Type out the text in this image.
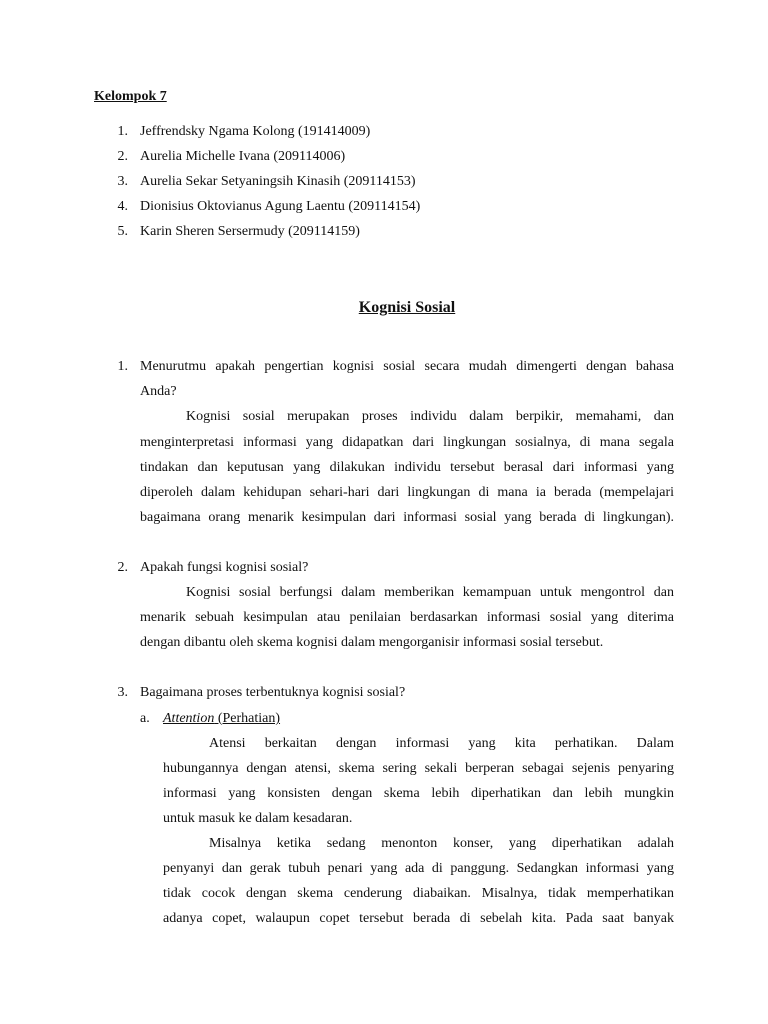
Kelompok 7
1. Jeffrendsky Ngama Kolong (191414009)
2. Aurelia Michelle Ivana (209114006)
3. Aurelia Sekar Setyaningsih Kinasih (209114153)
4. Dionisius Oktovianus Agung Laentu (209114154)
5. Karin Sheren Sersermudy (209114159)
Kognisi Sosial
1. Menurutmu apakah pengertian kognisi sosial secara mudah dimengerti dengan bahasa
Anda?
Kognisi sosial merupakan proses individu dalam berpikir, memahami, dan
menginterpretasi informasi yang didapatkan dari lingkungan sosialnya, di mana segala
tindakan dan keputusan yang dilakukan individu tersebut berasal dari informasi yang
diperoleh dalam kehidupan sehari-hari dari lingkungan di mana ia berada (mempelajari
bagaimana orang menarik kesimpulan dari informasi sosial yang berada di lingkungan).
2. Apakah fungsi kognisi sosial?
Kognisi sosial berfungsi dalam memberikan kemampuan untuk mengontrol dan
menarik sebuah kesimpulan atau penilaian berdasarkan informasi sosial yang diterima
dengan dibantu oleh skema kognisi dalam mengorganisir informasi sosial tersebut.
3. Bagaimana proses terbentuknya kognisi sosial?
a. Attention (Perhatian)
Atensi berkaitan dengan informasi yang kita perhatikan. Dalam
hubungannya dengan atensi, skema sering sekali berperan sebagai sejenis penyaring
informasi yang konsisten dengan skema lebih diperhatikan dan lebih mungkin
untuk masuk ke dalam kesadaran.
Misalnya ketika sedang menonton konser, yang diperhatikan adalah
penyanyi dan gerak tubuh penari yang ada di panggung. Sedangkan informasi yang
tidak cocok dengan skema cenderung diabaikan. Misalnya, tidak memperhatikan
adanya copet, walaupun copet tersebut berada di sebelah kita. Pada saat banyak
